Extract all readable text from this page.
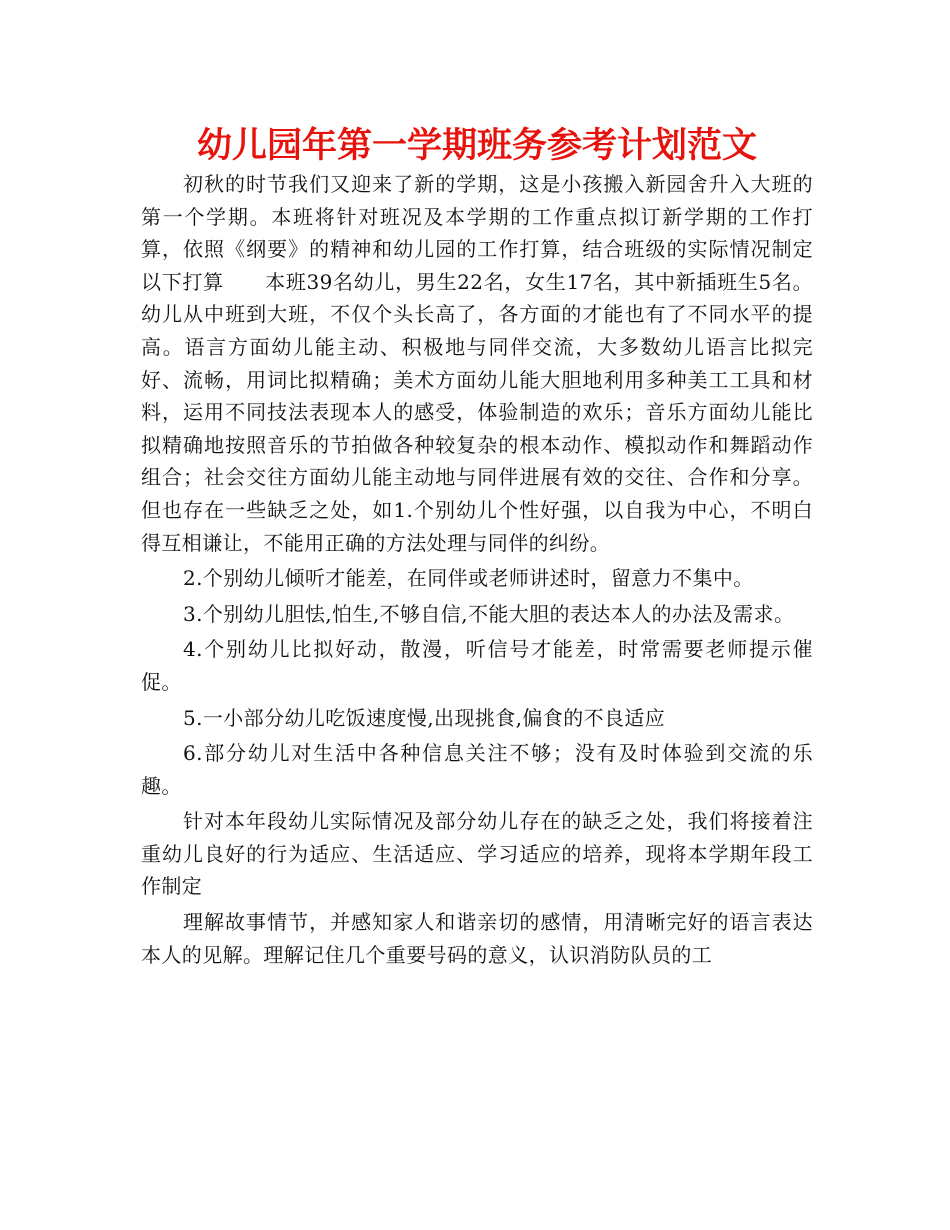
幼儿园年第一学期班务参考计划范文

初秋的时节我们又迎来了新的学期，这是小孩搬入新园舍升入大班的第一个学期。本班将针对班况及本学期的工作重点拟订新学期的工作打算，依照《纲要》的精神和幼儿园的工作打算，结合班级的实际情况制定以下打算　　本班39名幼儿，男生22名，女生17名，其中新插班生5名。幼儿从中班到大班，不仅个头长高了，各方面的才能也有了不同水平的提高。语言方面幼儿能主动、积极地与同伴交流，大多数幼儿语言比拟完好、流畅，用词比拟精确；美术方面幼儿能大胆地利用多种美工工具和材料，运用不同技法表现本人的感受，体验制造的欢乐；音乐方面幼儿能比拟精确地按照音乐的节拍做各种较复杂的根本动作、模拟动作和舞蹈动作组合；社会交往方面幼儿能主动地与同伴进展有效的交往、合作和分享。但也存在一些缺乏之处，如1.个别幼儿个性好强，以自我为中心，不明白得互相谦让，不能用正确的方法处理与同伴的纠纷。

2.个别幼儿倾听才能差，在同伴或老师讲述时，留意力不集中。

3.个别幼儿胆怯,怕生,不够自信,不能大胆的表达本人的办法及需求。

4.个别幼儿比拟好动，散漫，听信号才能差，时常需要老师提示催促。

5.一小部分幼儿吃饭速度慢,出现挑食,偏食的不良适应

6.部分幼儿对生活中各种信息关注不够；没有及时体验到交流的乐趣。

针对本年段幼儿实际情况及部分幼儿存在的缺乏之处，我们将接着注重幼儿良好的行为适应、生活适应、学习适应的培养，现将本学期年段工作制定

理解故事情节，并感知家人和谐亲切的感情，用清晰完好的语言表达本人的见解。理解记住几个重要号码的意义，认识消防队员的工
